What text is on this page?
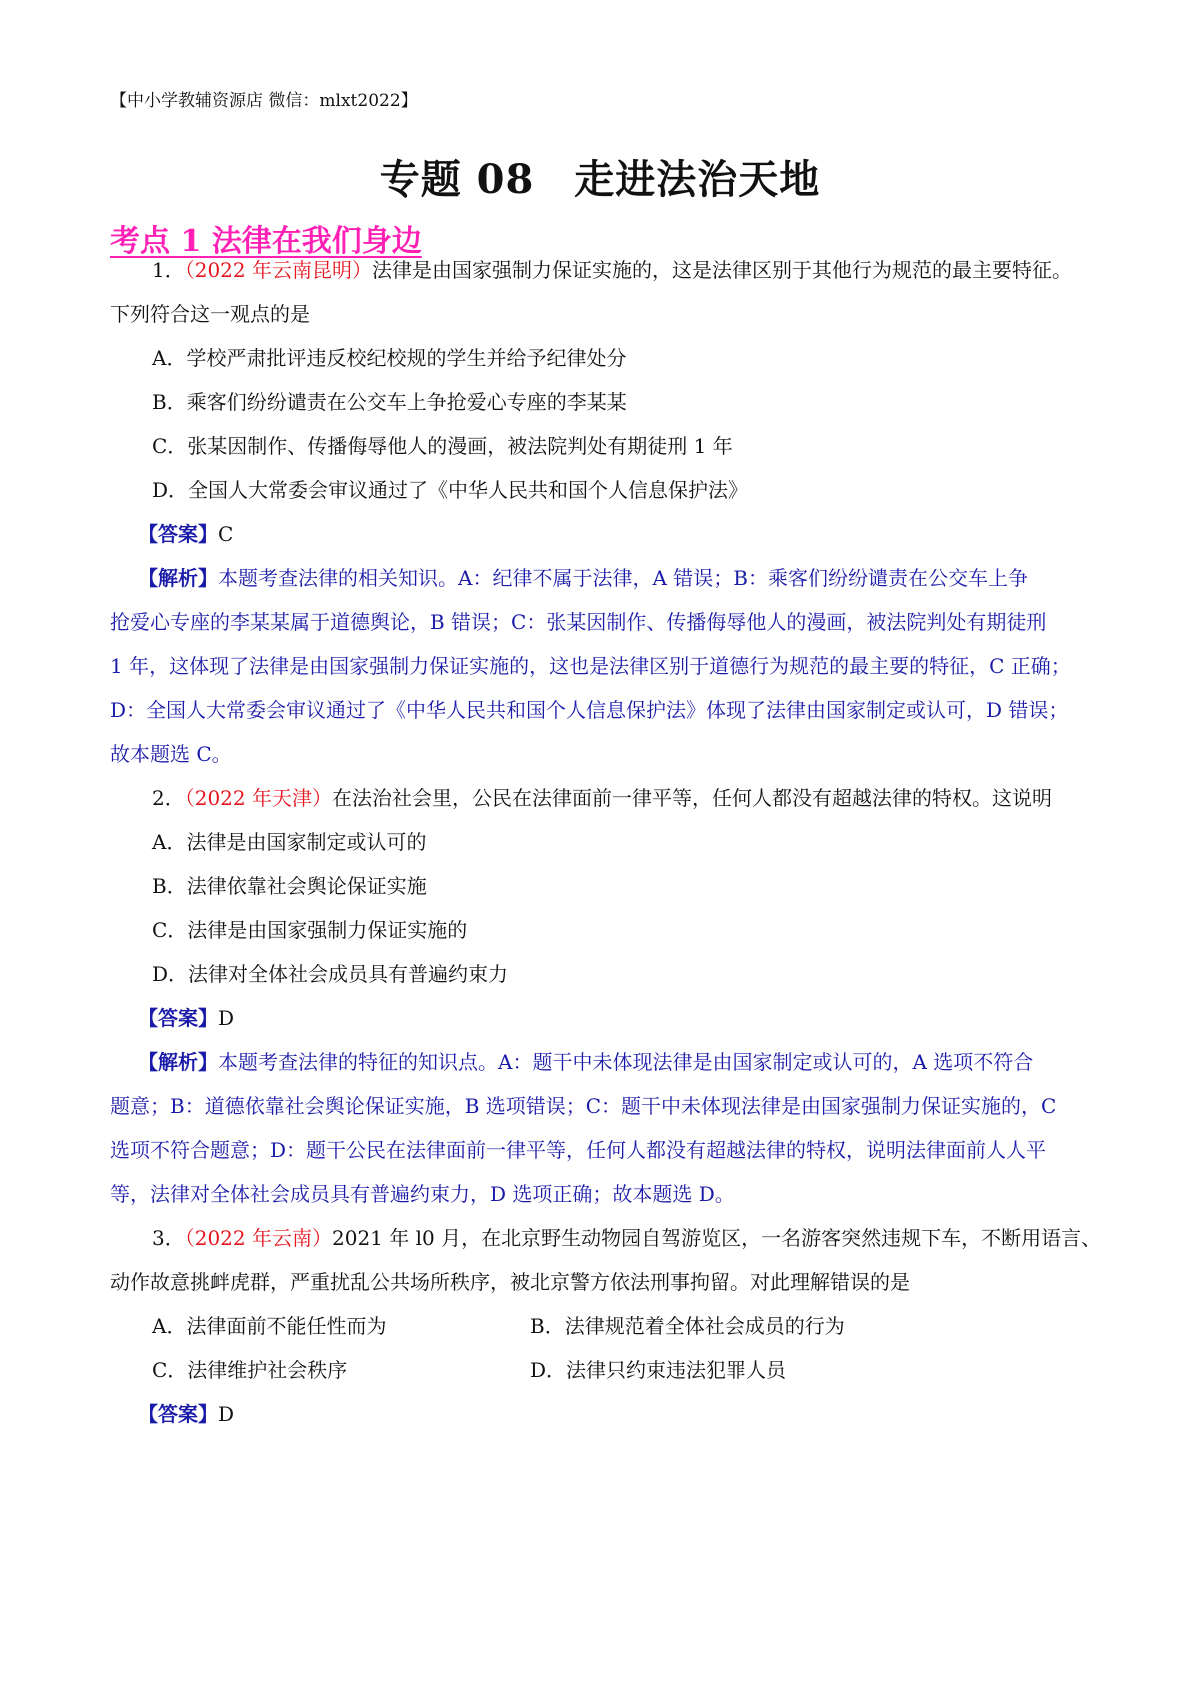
【中小学教辅资源店 微信：mlxt2022】
专题 08 走进法治天地
考点 1 法律在我们身边
1．（2022 年云南昆明）法律是由国家强制力保证实施的，这是法律区别于其他行为规范的最主要特征。
下列符合这一观点的是
A．学校严肃批评违反校纪校规的学生并给予纪律处分
B．乘客们纷纷谴责在公交车上争抢爱心专座的李某某
C．张某因制作、传播侮辱他人的漫画，被法院判处有期徒刑 1 年
D．全国人大常委会审议通过了《中华人民共和国个人信息保护法》
【答案】C
【解析】本题考查法律的相关知识。A：纪律不属于法律，A 错误；B：乘客们纷纷谴责在公交车上争
抢爱心专座的李某某属于道德舆论，B 错误；C：张某因制作、传播侮辱他人的漫画，被法院判处有期徒刑
1 年，这体现了法律是由国家强制力保证实施的，这也是法律区别于道德行为规范的最主要的特征，C 正确；
D：全国人大常委会审议通过了《中华人民共和国个人信息保护法》体现了法律由国家制定或认可，D 错误；
故本题选 C。
2．（2022 年天津）在法治社会里，公民在法律面前一律平等，任何人都没有超越法律的特权。这说明
A．法律是由国家制定或认可的
B．法律依靠社会舆论保证实施
C．法律是由国家强制力保证实施的
D．法律对全体社会成员具有普遍约束力
【答案】D
【解析】本题考查法律的特征的知识点。A：题干中未体现法律是由国家制定或认可的，A 选项不符合
题意；B：道德依靠社会舆论保证实施，B 选项错误；C：题干中未体现法律是由国家强制力保证实施的，C
选项不符合题意；D：题干公民在法律面前一律平等，任何人都没有超越法律的特权，说明法律面前人人平
等，法律对全体社会成员具有普遍约束力，D 选项正确；故本题选 D。
3．（2022 年云南）2021 年 l0 月，在北京野生动物园自驾游览区，一名游客突然违规下车，不断用语言、
动作故意挑衅虎群，严重扰乱公共场所秩序，被北京警方依法刑事拘留。对此理解错误的是
A．法律面前不能任性而为	B．法律规范着全体社会成员的行为
C．法律维护社会秩序	D．法律只约束违法犯罪人员
【答案】D
